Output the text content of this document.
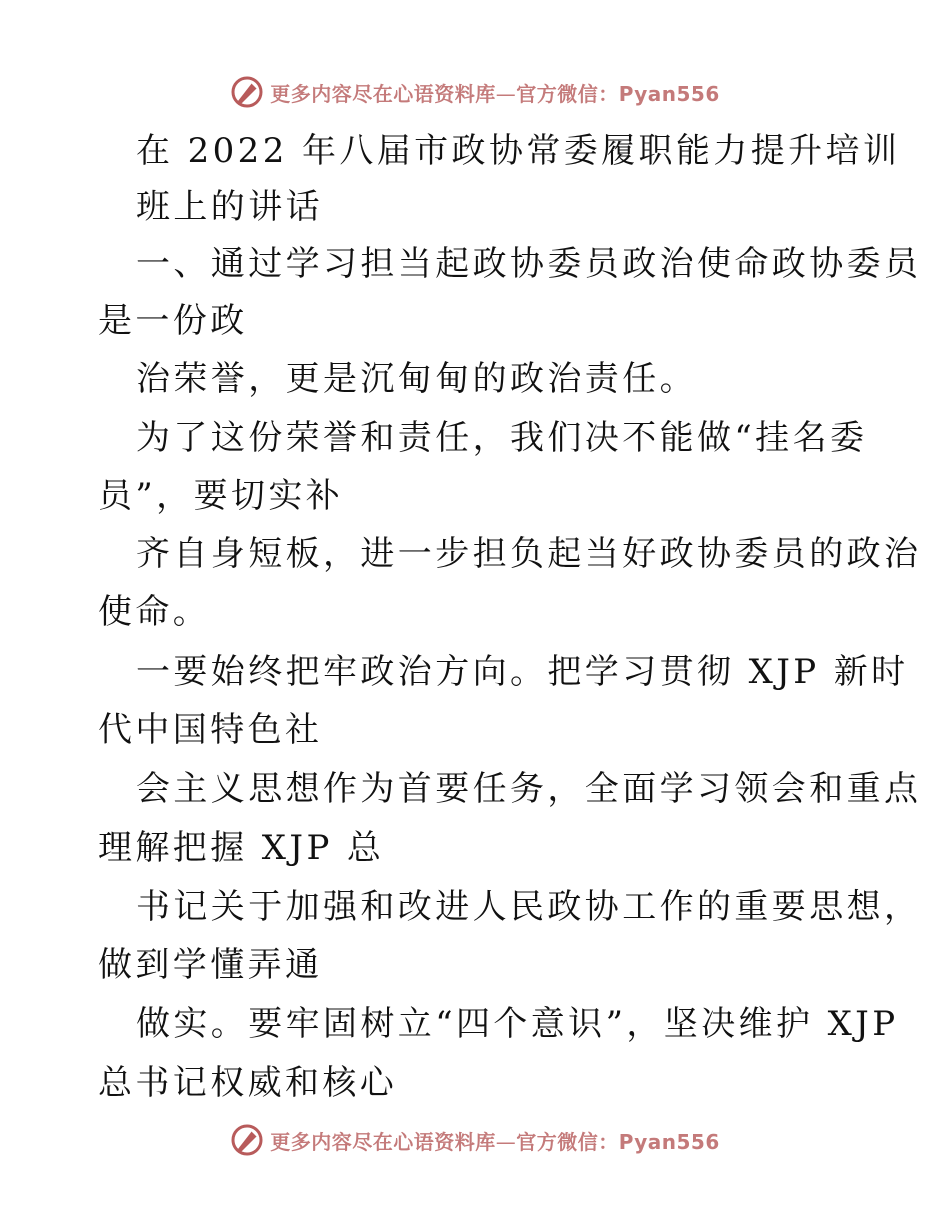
更多内容尽在心语资料库—官方微信：Pyan556
在 2022 年八届市政协常委履职能力提升培训
班上的讲话
一、通过学习担当起政协委员政治使命政协委员
是一份政
治荣誉，更是沉甸甸的政治责任。
为了这份荣誉和责任，我们决不能做“挂名委
员”，要切实补
齐自身短板，进一步担负起当好政协委员的政治
使命。
一要始终把牢政治方向。把学习贯彻 XJP 新时
代中国特色社
会主义思想作为首要任务，全面学习领会和重点
理解把握 XJP 总
书记关于加强和改进人民政协工作的重要思想，
做到学懂弄通
做实。要牢固树立“四个意识”，坚决维护 XJP
总书记权威和核心
更多内容尽在心语资料库—官方微信：Pyan556
